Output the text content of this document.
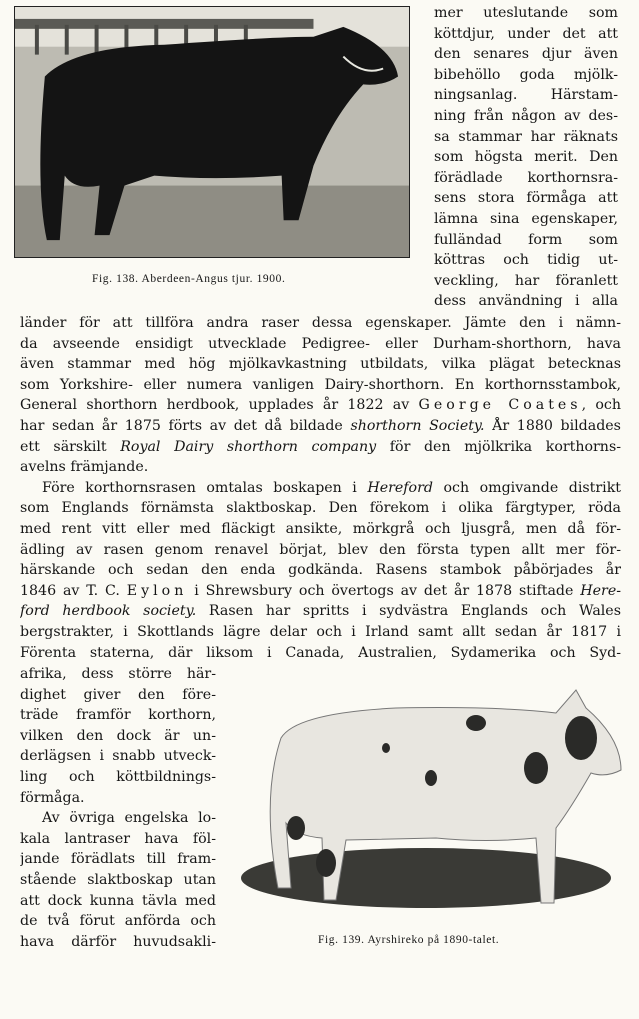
Fig. 138. Aberdeen-Angus tjur. 1900.
mer uteslutande som
köttdjur, under det att
den senares djur även
bibehöllo goda mjölk-
ningsanlag. Härstam-
ning från någon av des-
sa stammar har räknats
som högsta merit. Den
förädlade korthornsra-
sens stora förmåga att
lämna sina egenskaper,
fulländad form som
köttras och tidig ut-
veckling, har föranlett
dess användning i alla
länder för att tillföra andra raser dessa egenskaper. Jämte den i nämn-
da avseende ensidigt utvecklade Pedigree- eller Durham-shorthorn, hava
även stammar med hög mjölkavkastning utbildats, vilka plägat betecknas
som Yorkshire- eller numera vanligen Dairy-shorthorn. En korthornsstambok,
General shorthorn herdbook, upplades år 1822 av George Coates, och
har sedan år 1875 förts av det då bildade shorthorn Society. År 1880 bildades
ett särskilt Royal Dairy shorthorn company för den mjölkrika korthorns-
avelns främjande.
Före korthornsrasen omtalas boskapen i Hereford och omgivande distrikt
som Englands förnämsta slaktboskap. Den förekom i olika färgtyper, röda
med rent vitt eller med fläckigt ansikte, mörkgrå och ljusgrå, men då för-
ädling av rasen genom renavel börjat, blev den första typen allt mer för-
härskande och sedan den enda godkända. Rasens stambok påbörjades år
1846 av T. C. Eylon i Shrewsbury och övertogs av det år 1878 stiftade Here-
ford herdbook society. Rasen har spritts i sydvästra Englands och Wales
bergstrakter, i Skottlands lägre delar och i Irland samt allt sedan år 1817 i
Förenta staterna, där liksom i Canada, Australien, Sydamerika och Syd-
afrika, dess större här-
dighet giver den före-
träde framför korthorn,
vilken den dock är un-
derlägsen i snabb utveck-
ling och köttbildnings-
förmåga.
Av övriga engelska lo-
kala lantraser hava föl-
jande förädlats till fram-
stående slaktboskap utan
att dock kunna tävla med
de två förut anförda och
hava därför huvudsakli-	Fig. 139. Ayrshireko på 1890-talet.
